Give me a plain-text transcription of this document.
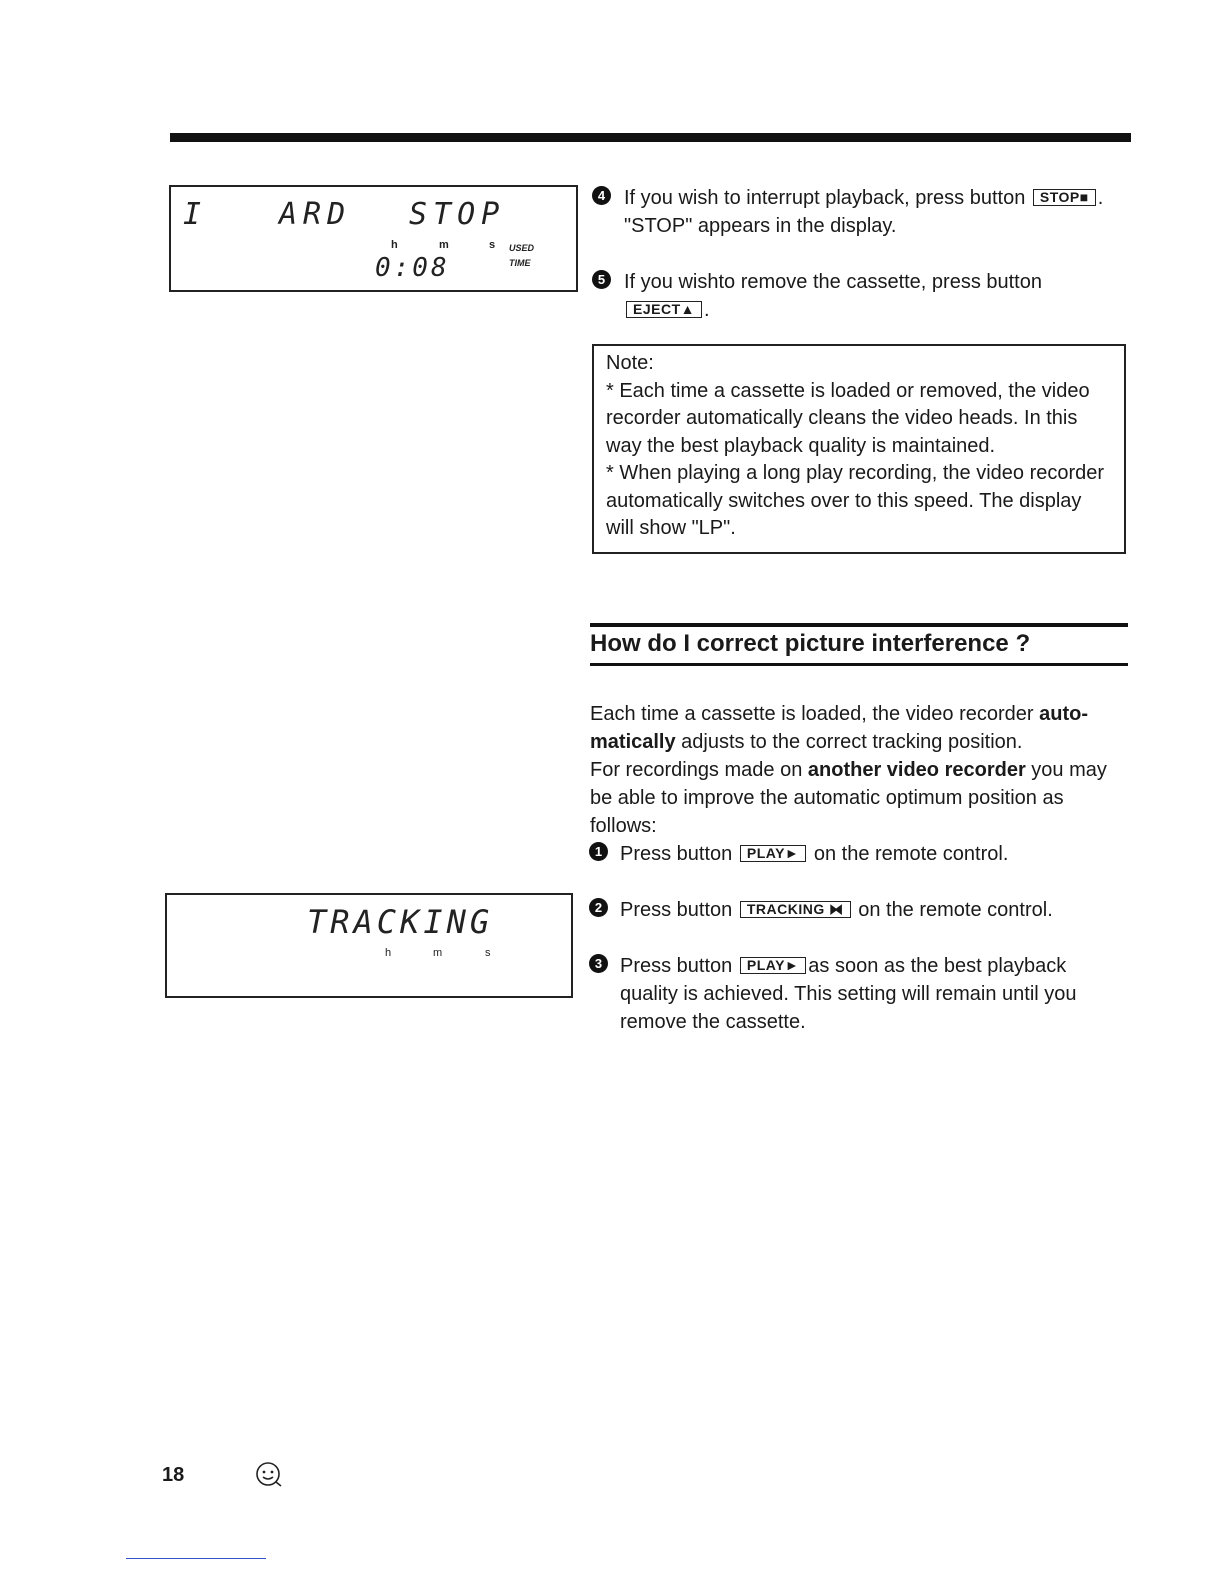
I ARD STOP
h	m	s USED
TIME
0:08
4 If you wish to interrupt playback, press button STOP■ .
"STOP" appears in the display.
5 If you wishto remove the cassette, press button EJECT▲ .

Note:

* Each time a cassette is loaded or removed, the video recorder automatically cleans the video heads. In this way the best playback quality is maintained.

* When playing a long play recording, the video recorder automatically switches over to this speed. The display will show "LP".

How do I correct picture interference ?

Each time a cassette is loaded, the video recorder auto-matically adjusts to the correct tracking position.

For recordings made on another video recorder you may be able to improve the automatic optimum position as follows:

1 Press button PLAY► on the remote control.
2 Press button TRACKING ⧓ on the remote control.
3 Press button PLAY► as soon as the best playback quality is achieved. This setting will remain until you remove the cassette.
TRACKING
h	m	s
18
